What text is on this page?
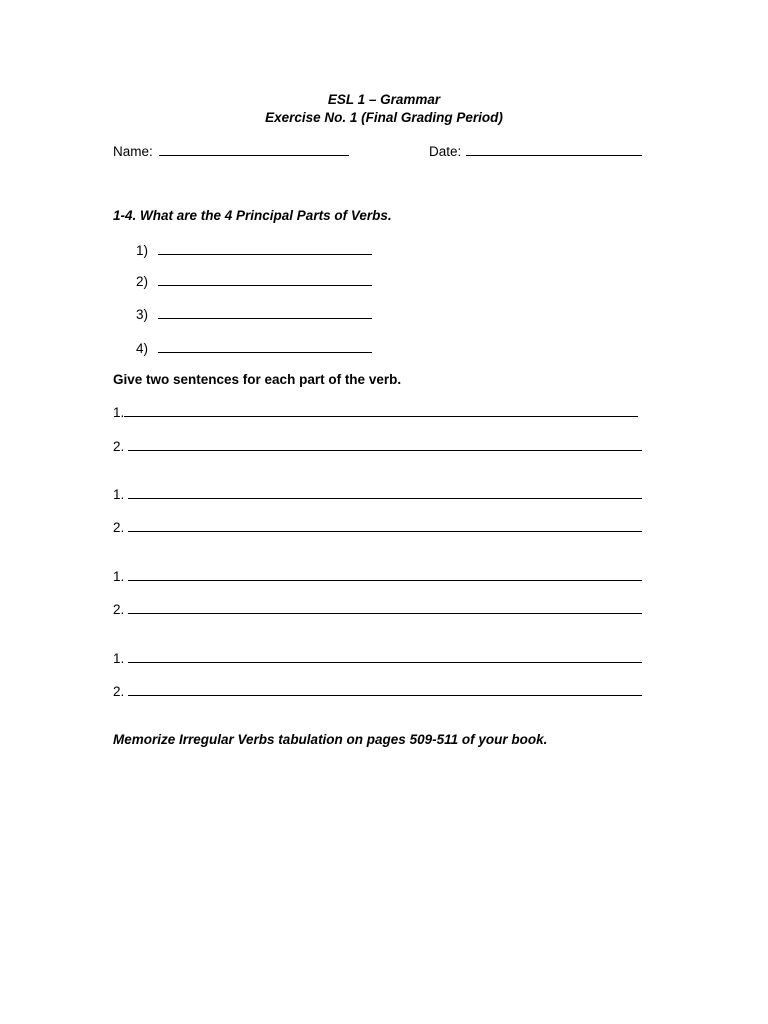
ESL 1 – Grammar
Exercise No. 1 (Final Grading Period)
Name:	Date:
1-4. What are the 4 Principal Parts of Verbs.
1)
2)
3)
4)
Give two sentences for each part of the verb.
1.
2.
1.
2.
1.
2.
1.
2.
Memorize Irregular Verbs tabulation on pages 509-511 of your book.
